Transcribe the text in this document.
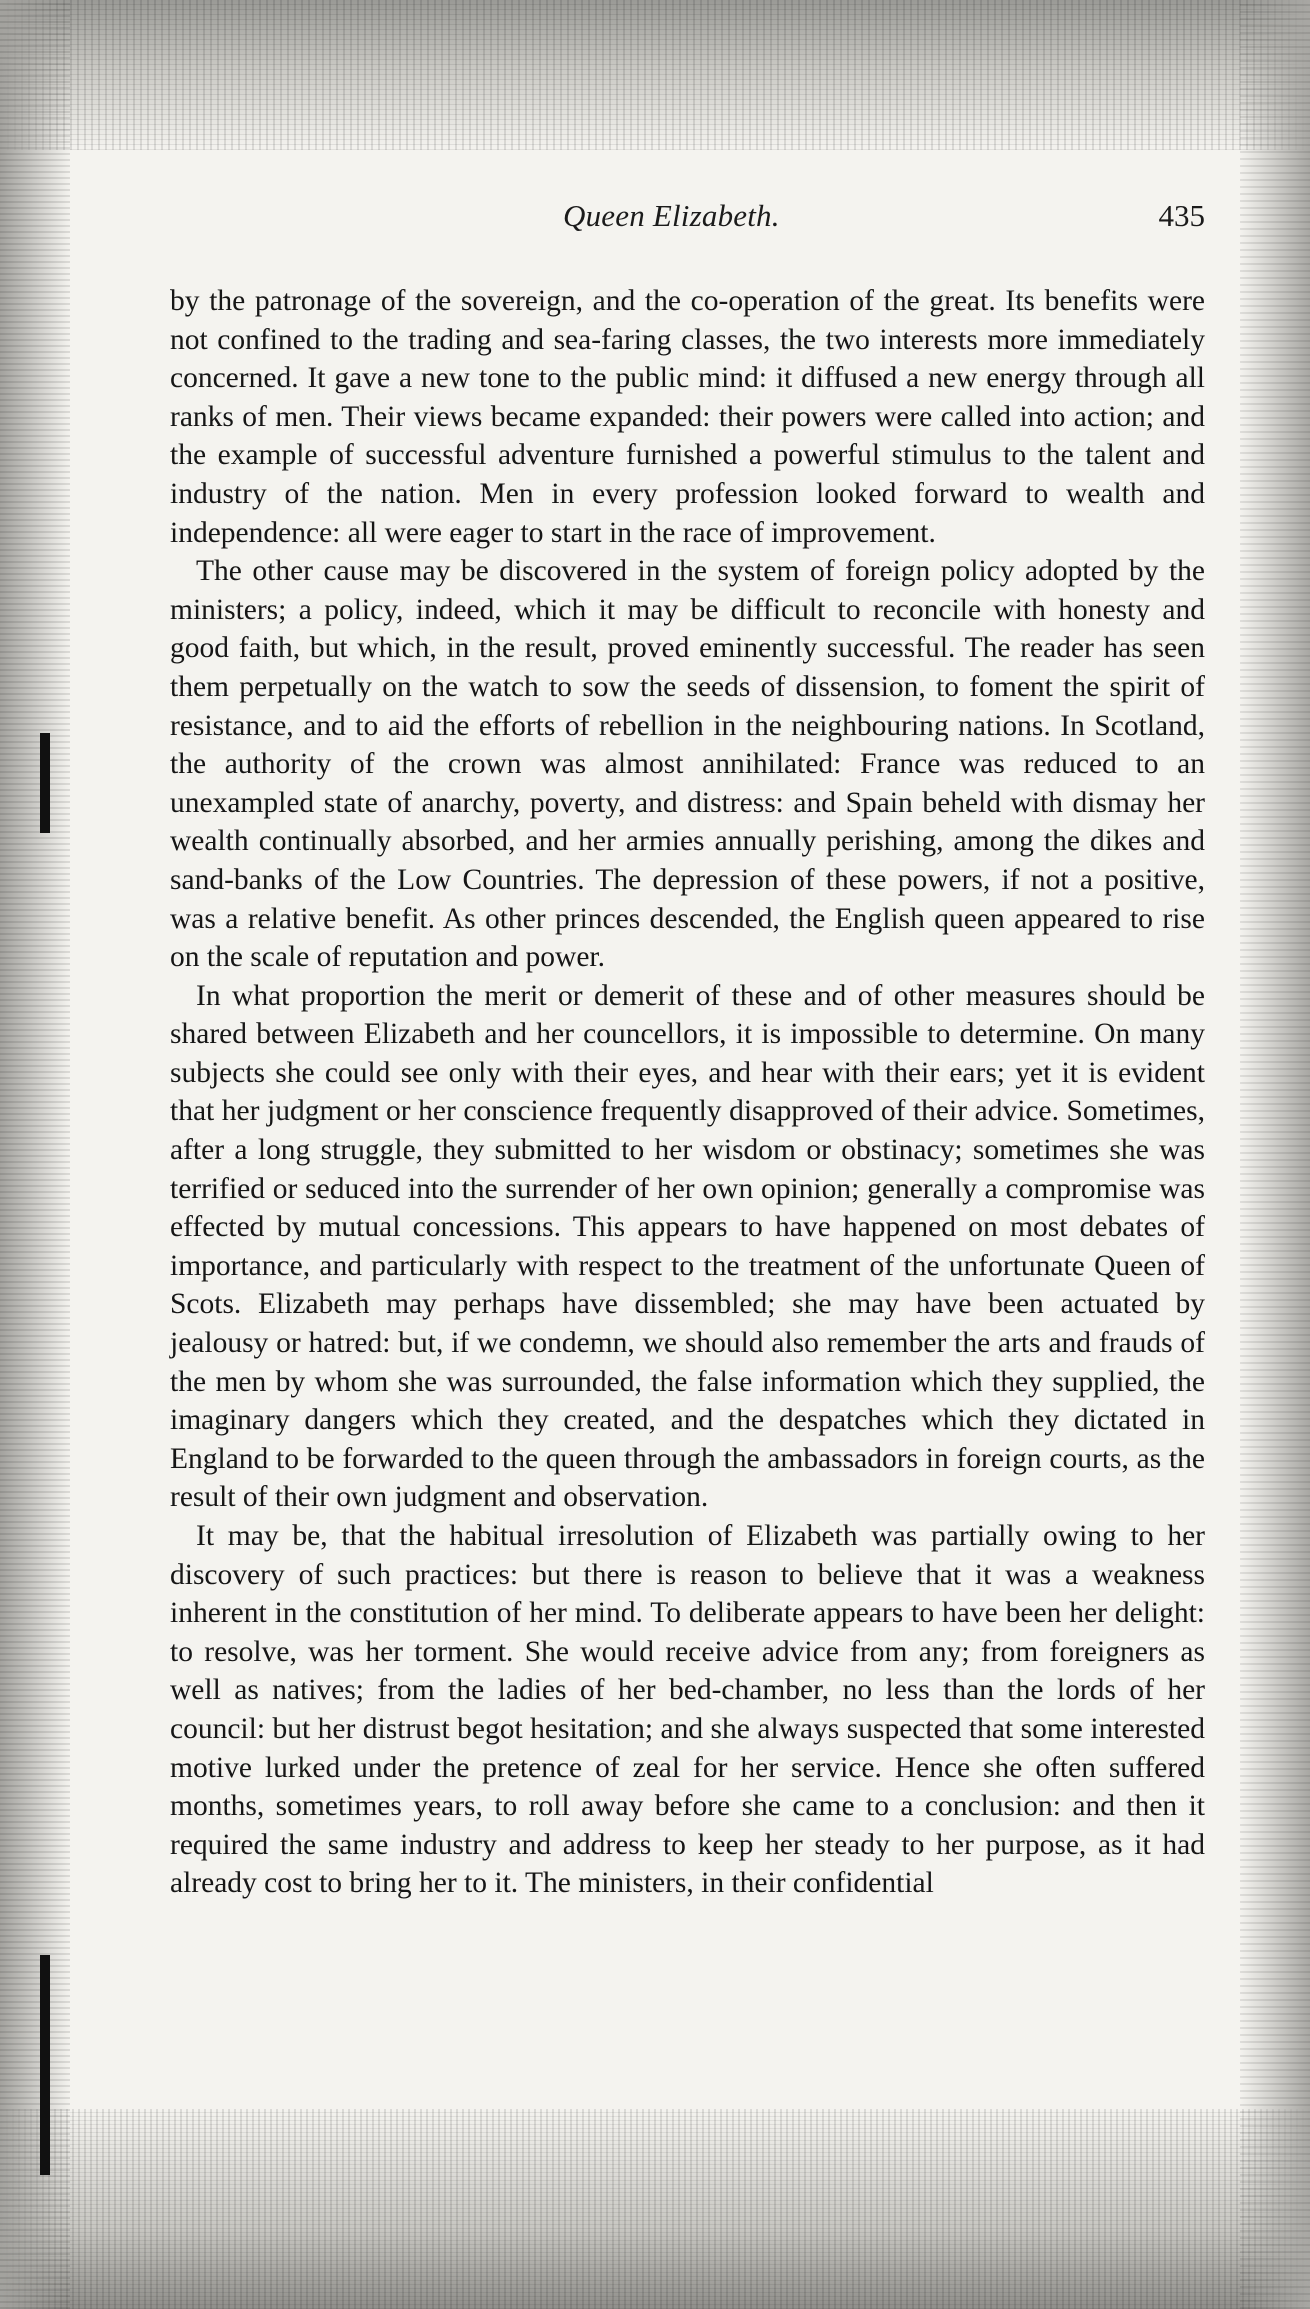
Queen Elizabeth.	435

by the patronage of the sovereign, and the co-operation of the great. Its benefits were not confined to the trading and sea-faring classes, the two interests more immediately concerned. It gave a new tone to the public mind: it diffused a new energy through all ranks of men. Their views became expanded: their powers were called into action; and the example of successful adventure furnished a powerful stimulus to the talent and industry of the nation. Men in every profession looked forward to wealth and independence: all were eager to start in the race of improvement.

The other cause may be discovered in the system of foreign policy adopted by the ministers; a policy, indeed, which it may be difficult to reconcile with honesty and good faith, but which, in the result, proved eminently successful. The reader has seen them perpetually on the watch to sow the seeds of dissension, to foment the spirit of resistance, and to aid the efforts of rebellion in the neighbouring nations. In Scotland, the authority of the crown was almost annihilated: France was reduced to an unexampled state of anarchy, poverty, and distress: and Spain beheld with dismay her wealth continually absorbed, and her armies annually perishing, among the dikes and sand-banks of the Low Countries. The depression of these powers, if not a positive, was a relative benefit. As other princes descended, the English queen appeared to rise on the scale of reputation and power.

In what proportion the merit or demerit of these and of other measures should be shared between Elizabeth and her councellors, it is impossible to determine. On many subjects she could see only with their eyes, and hear with their ears; yet it is evident that her judgment or her conscience frequently disapproved of their advice. Sometimes, after a long struggle, they submitted to her wisdom or obstinacy; sometimes she was terrified or seduced into the surrender of her own opinion; generally a compromise was effected by mutual concessions. This appears to have happened on most debates of importance, and particularly with respect to the treatment of the unfortunate Queen of Scots. Elizabeth may perhaps have dissembled; she may have been actuated by jealousy or hatred: but, if we condemn, we should also remember the arts and frauds of the men by whom she was surrounded, the false information which they supplied, the imaginary dangers which they created, and the despatches which they dictated in England to be forwarded to the queen through the ambassadors in foreign courts, as the result of their own judgment and observation.

It may be, that the habitual irresolution of Elizabeth was partially owing to her discovery of such practices: but there is reason to believe that it was a weakness inherent in the constitution of her mind. To deliberate appears to have been her delight: to resolve, was her torment. She would receive advice from any; from foreigners as well as natives; from the ladies of her bed-chamber, no less than the lords of her council: but her distrust begot hesitation; and she always suspected that some interested motive lurked under the pretence of zeal for her service. Hence she often suffered months, sometimes years, to roll away before she came to a conclusion: and then it required the same industry and address to keep her steady to her purpose, as it had already cost to bring her to it. The ministers, in their confidential
